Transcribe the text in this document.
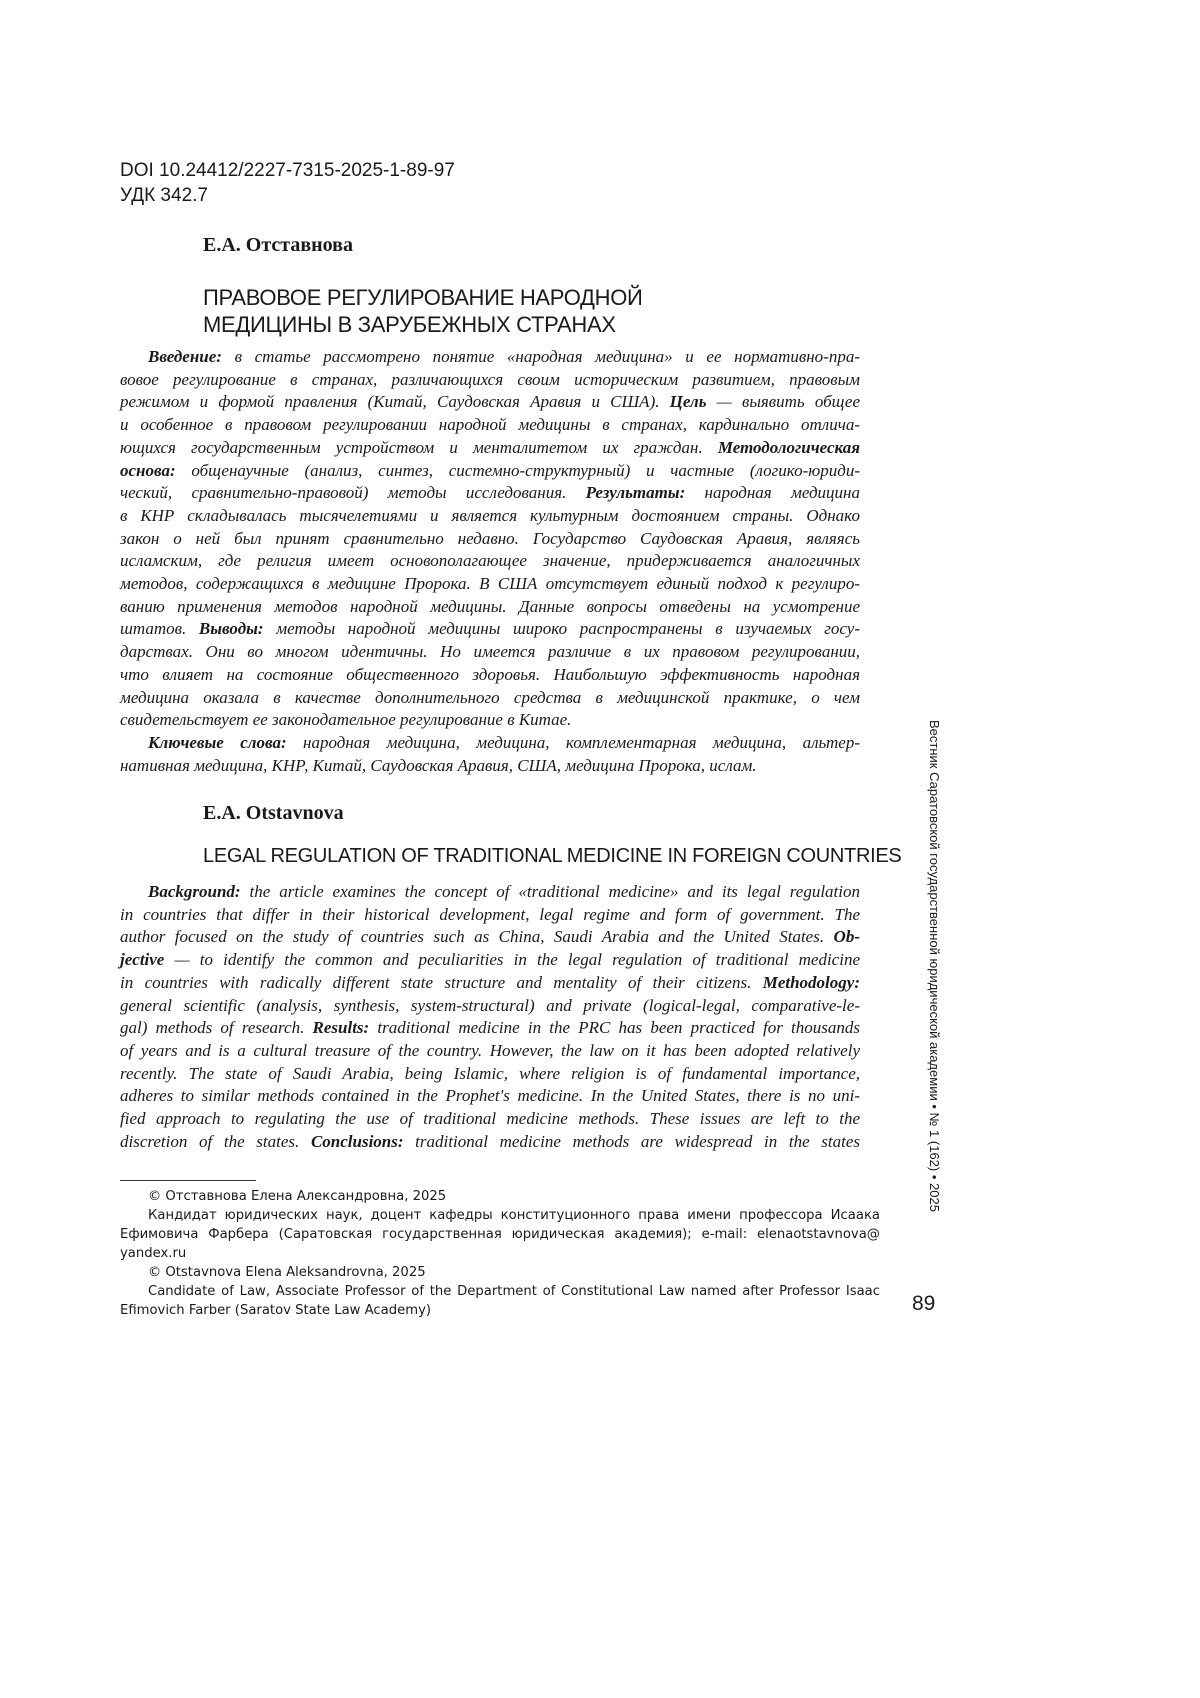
DOI 10.24412/2227-7315-2025-1-89-97
УДК 342.7
Е.А. Отставнова
ПРАВОВОЕ РЕГУЛИРОВАНИЕ НАРОДНОЙ
МЕДИЦИНЫ В ЗАРУБЕЖНЫХ СТРАНАХ
Введение: в статье рассмотрено понятие «народная медицина» и ее нормативно-пра-
вовое регулирование в странах, различающихся своим историческим развитием, правовым
режимом и формой правления (Китай, Саудовская Аравия и США). Цель — выявить общее
и особенное в правовом регулировании народной медицины в странах, кардинально отлича-
ющихся государственным устройством и менталитетом их граждан. Методологическая
основа: общенаучные (анализ, синтез, системно-структурный) и частные (логико-юриди-
ческий, сравнительно-правовой) методы исследования. Результаты: народная медицина
в КНР складывалась тысячелетиями и является культурным достоянием страны. Однако
закон о ней был принят сравнительно недавно. Государство Саудовская Аравия, являясь
исламским, где религия имеет основополагающее значение, придерживается аналогичных
методов, содержащихся в медицине Пророка. В США отсутствует единый подход к регулиро-
ванию применения методов народной медицины. Данные вопросы отведены на усмотрение
штатов. Выводы: методы народной медицины широко распространены в изучаемых госу-
дарствах. Они во многом идентичны. Но имеется различие в их правовом регулировании,
что влияет на состояние общественного здоровья. Наибольшую эффективность народная
медицина оказала в качестве дополнительного средства в медицинской практике, о чем
свидетельствует ее законодательное регулирование в Китае.
Ключевые слова: народная медицина, медицина, комплементарная медицина, альтер-
нативная медицина, КНР, Китай, Саудовская Аравия, США, медицина Пророка, ислам.
E.A. Otstavnova
LEGAL REGULATION OF TRADITIONAL MEDICINE IN FOREIGN COUNTRIES
Background: the article examines the concept of «traditional medicine» and its legal regulation
in countries that differ in their historical development, legal regime and form of government. The
author focused on the study of countries such as China, Saudi Arabia and the United States. Ob-
jective — to identify the common and peculiarities in the legal regulation of traditional medicine
in countries with radically different state structure and mentality of their citizens. Methodology:
general scientific (analysis, synthesis, system-structural) and private (logical-legal, comparative-le-
gal) methods of research. Results: traditional medicine in the PRC has been practiced for thousands
of years and is a cultural treasure of the country. However, the law on it has been adopted relatively
recently. The state of Saudi Arabia, being Islamic, where religion is of fundamental importance,
adheres to similar methods contained in the Prophet's medicine. In the United States, there is no uni-
fied approach to regulating the use of traditional medicine methods. These issues are left to the
discretion of the states. Conclusions: traditional medicine methods are widespread in the states
© Отставнова Елена Александровна, 2025
Кандидат юридических наук, доцент кафедры конституционного права имени профессора Исаака
Ефимовича Фарбера (Саратовская государственная юридическая академия); e-mail: elenaotstavnova@
yandex.ru
© Otstavnova Elena Aleksandrovna, 2025
Candidate of Law, Associate Professor of the Department of Constitutional Law named after Professor Isaac
Efimovich Farber (Saratov State Law Academy)	89
Вестник Саратовской государственной юридической академии • № 1 (162) • 2025
